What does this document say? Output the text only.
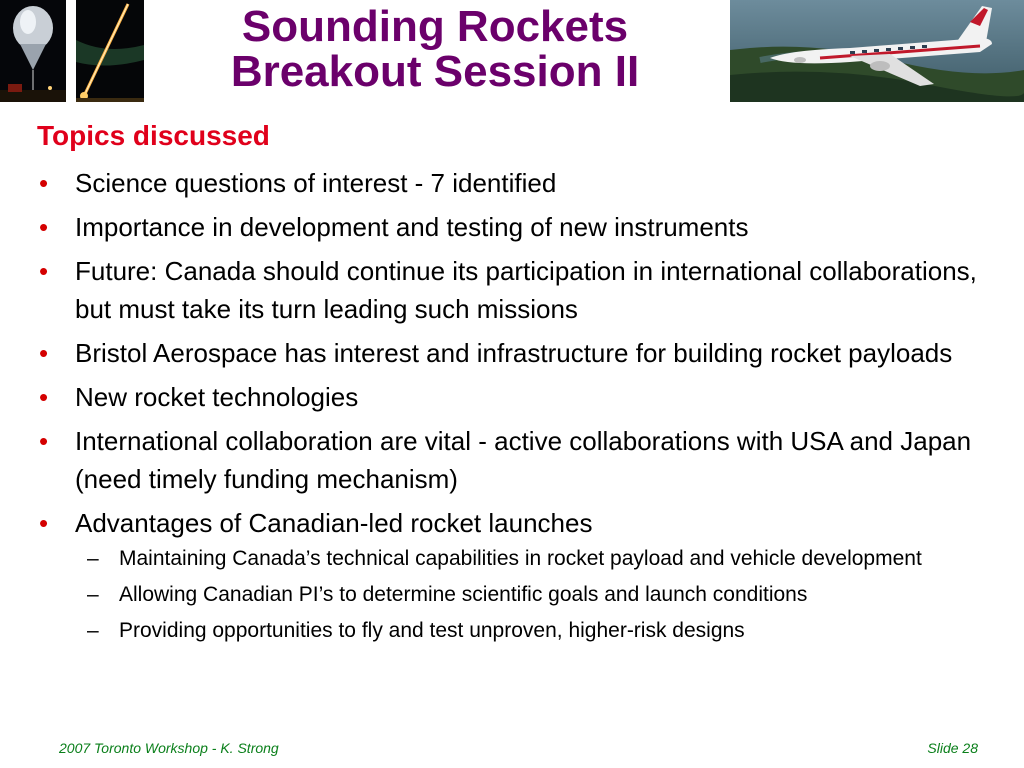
Sounding Rockets
Breakout Session II
Topics discussed
• Science questions of interest - 7 identified
• Importance in development and testing of new instruments
• Future: Canada should continue its participation in international collaborations, but must take its turn leading such missions
• Bristol Aerospace has interest and infrastructure for building rocket payloads
• New rocket technologies
• International collaboration are vital - active collaborations with USA and Japan (need timely funding mechanism)
• Advantages of Canadian-led rocket launches
– Maintaining Canada’s technical capabilities in rocket payload and vehicle development
– Allowing Canadian PI’s to determine scientific goals and launch conditions
– Providing opportunities to fly and test unproven, higher-risk designs
2007 Toronto Workshop - K. Strong	Slide 28
